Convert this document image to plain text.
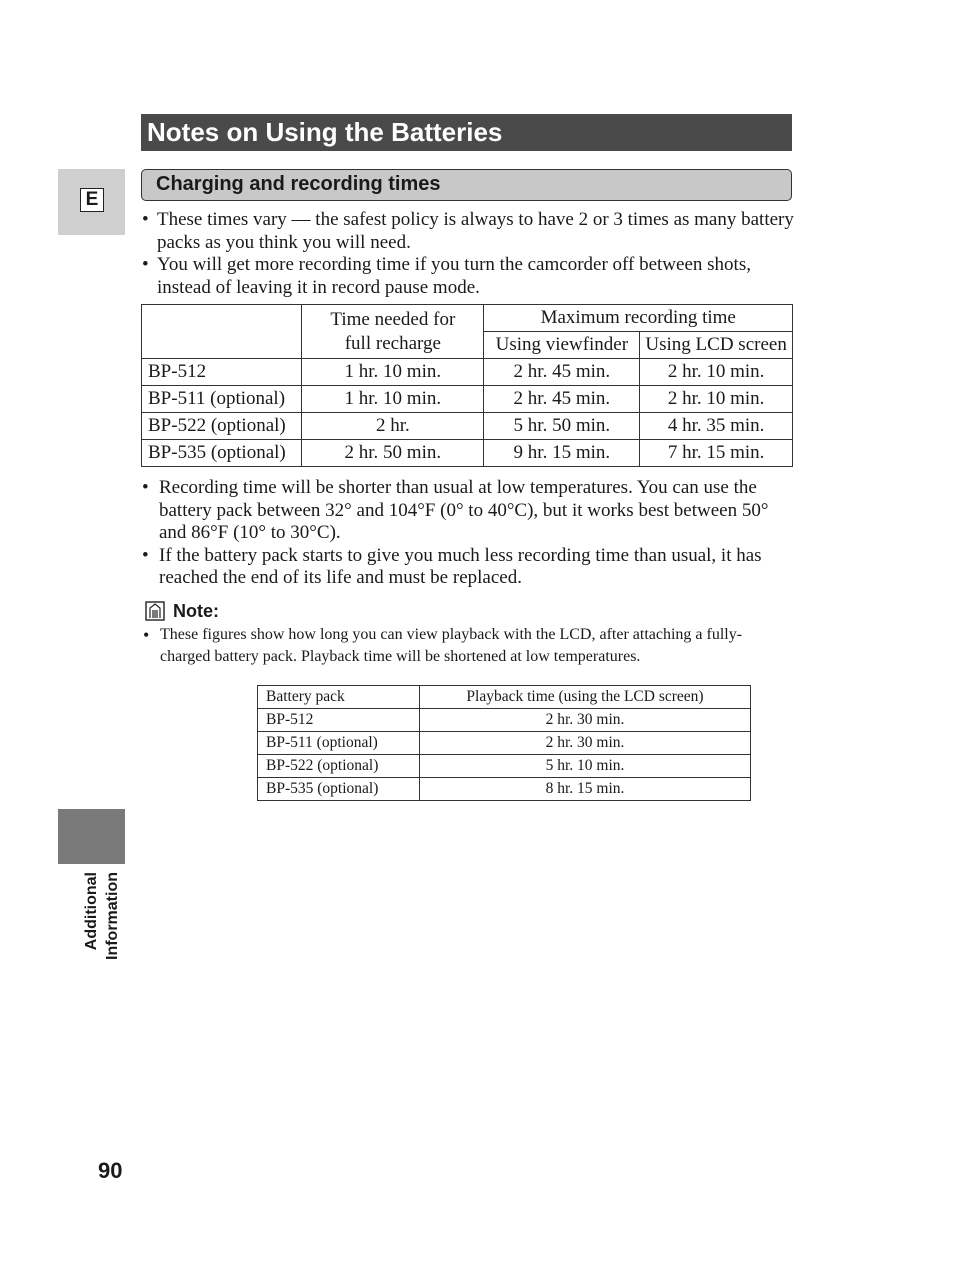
E
Additional Information
Notes on Using the Batteries
Charging and recording times
• These times vary — the safest policy is always to have 2 or 3 times as many battery packs as you think you will need.
• You will get more recording time if you turn the camcorder off between shots, instead of leaving it in record pause mode.
	Time needed for full recharge	Maximum recording time	
		Using viewfinder	Using LCD screen
BP-512	1 hr. 10 min.	2 hr. 45 min.	2 hr. 10 min.
BP-511 (optional)	1 hr. 10 min.	2 hr. 45 min.	2 hr. 10 min.
BP-522 (optional)	2 hr.	5 hr. 50 min.	4 hr. 35 min.
BP-535 (optional)	2 hr. 50 min.	9 hr. 15 min.	7 hr. 15 min.
• Recording time will be shorter than usual at low temperatures. You can use the battery pack between 32° and 104°F (0° to 40°C), but it works best between 50° and 86°F (10° to 30°C).
• If the battery pack starts to give you much less recording time than usual, it has reached the end of its life and must be replaced.
Note:
• These figures show how long you can view playback with the LCD, after attaching a fully-charged battery pack. Playback time will be shortened at low temperatures.
Battery pack	Playback time (using the LCD screen)
BP-512	2 hr. 30 min.
BP-511 (optional)	2 hr. 30 min.
BP-522 (optional)	5 hr. 10 min.
BP-535 (optional)	8 hr. 15 min.
90
